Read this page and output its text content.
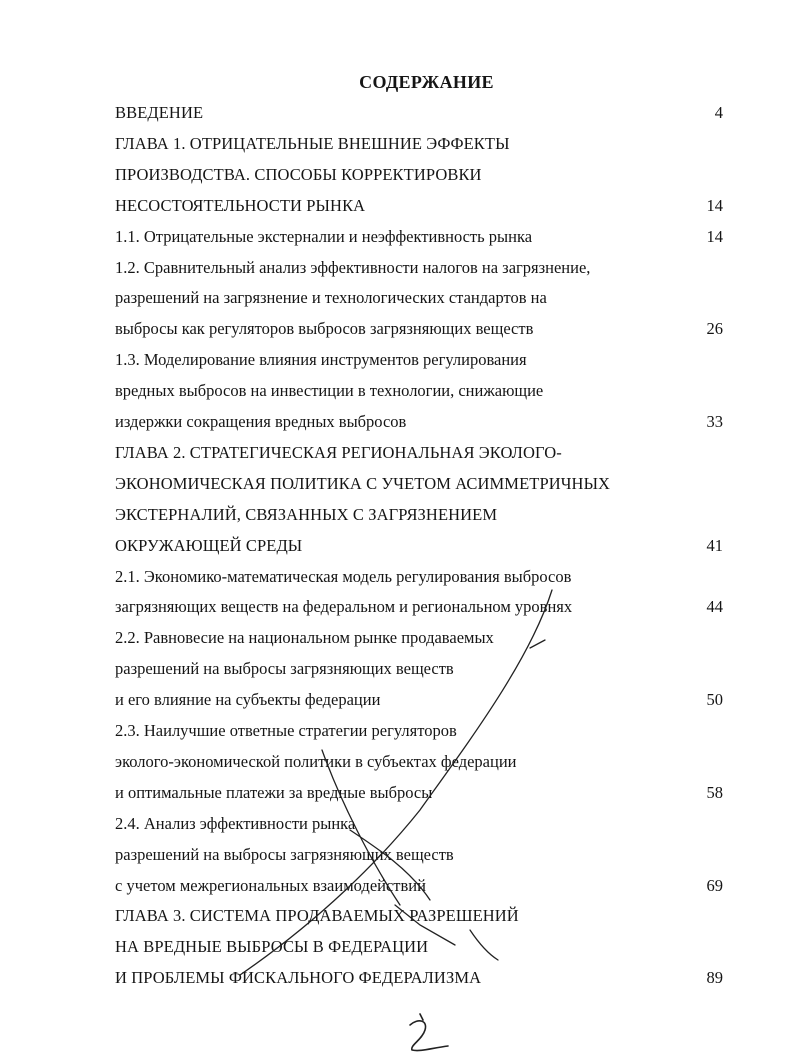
СОДЕРЖАНИЕ
ВВЕДЕНИЕ	4
ГЛАВА 1. ОТРИЦАТЕЛЬНЫЕ ВНЕШНИЕ ЭФФЕКТЫ
ПРОИЗВОДСТВА. СПОСОБЫ КОРРЕКТИРОВКИ
НЕСОСТОЯТЕЛЬНОСТИ РЫНКА	14
1.1. Отрицательные экстерналии и неэффективность рынка	14
1.2. Сравнительный анализ эффективности налогов на загрязнение,
разрешений на загрязнение и технологических стандартов на
выбросы как регуляторов выбросов загрязняющих веществ	26
1.3. Моделирование влияния инструментов регулирования
вредных выбросов на инвестиции в технологии, снижающие
издержки сокращения вредных выбросов	33
ГЛАВА 2. СТРАТЕГИЧЕСКАЯ РЕГИОНАЛЬНАЯ ЭКОЛОГО-
ЭКОНОМИЧЕСКАЯ ПОЛИТИКА С УЧЕТОМ АСИММЕТРИЧНЫХ
ЭКСТЕРНАЛИЙ, СВЯЗАННЫХ С ЗАГРЯЗНЕНИЕМ
ОКРУЖАЮЩЕЙ СРЕДЫ	41
2.1. Экономико-математическая модель регулирования выбросов
загрязняющих веществ на федеральном и региональном уровнях	44
2.2. Равновесие на национальном рынке продаваемых
разрешений на выбросы загрязняющих веществ
и его влияние на субъекты федерации	50
2.3. Наилучшие ответные стратегии регуляторов
эколого-экономической политики в субъектах федерации
и оптимальные платежи за вредные выбросы	58
2.4. Анализ эффективности рынка
разрешений на выбросы загрязняющих веществ
с учетом межрегиональных взаимодействий	69
ГЛАВА 3. СИСТЕМА ПРОДАВАЕМЫХ РАЗРЕШЕНИЙ
НА ВРЕДНЫЕ ВЫБРОСЫ В ФЕДЕРАЦИИ
И ПРОБЛЕМЫ ФИСКАЛЬНОГО ФЕДЕРАЛИЗМА	89
